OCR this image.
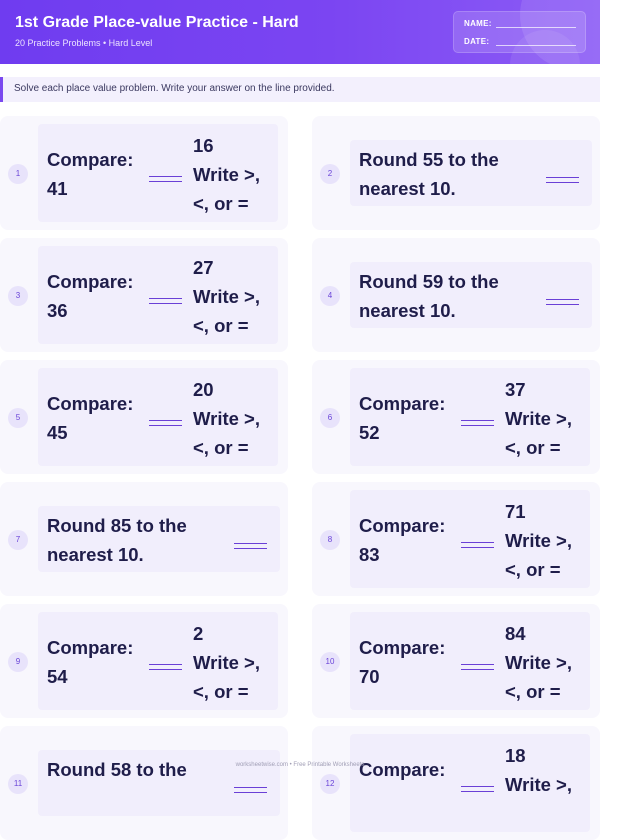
1st Grade Place-value Practice - Hard
20 Practice Problems • Hard Level
NAME:
DATE:
Solve each place value problem. Write your answer on the line provided.
1
16
Compare:
Write >,
41
<, or =
2
Round 55 to the
nearest 10.
3
27
Compare:
Write >,
36
<, or =
4
Round 59 to the
nearest 10.
5
20
Compare:
Write >,
45
<, or =
6
37
Compare:
Write >,
52
<, or =
7
Round 85 to the
nearest 10.
8
71
Compare:
Write >,
83
<, or =
9
2
Compare:
Write >,
54
<, or =
10
84
Compare:
Write >,
70
<, or =
11
Round 58 to the
12
18
Compare:
Write >,
worksheetwise.com • Free Printable Worksheets
